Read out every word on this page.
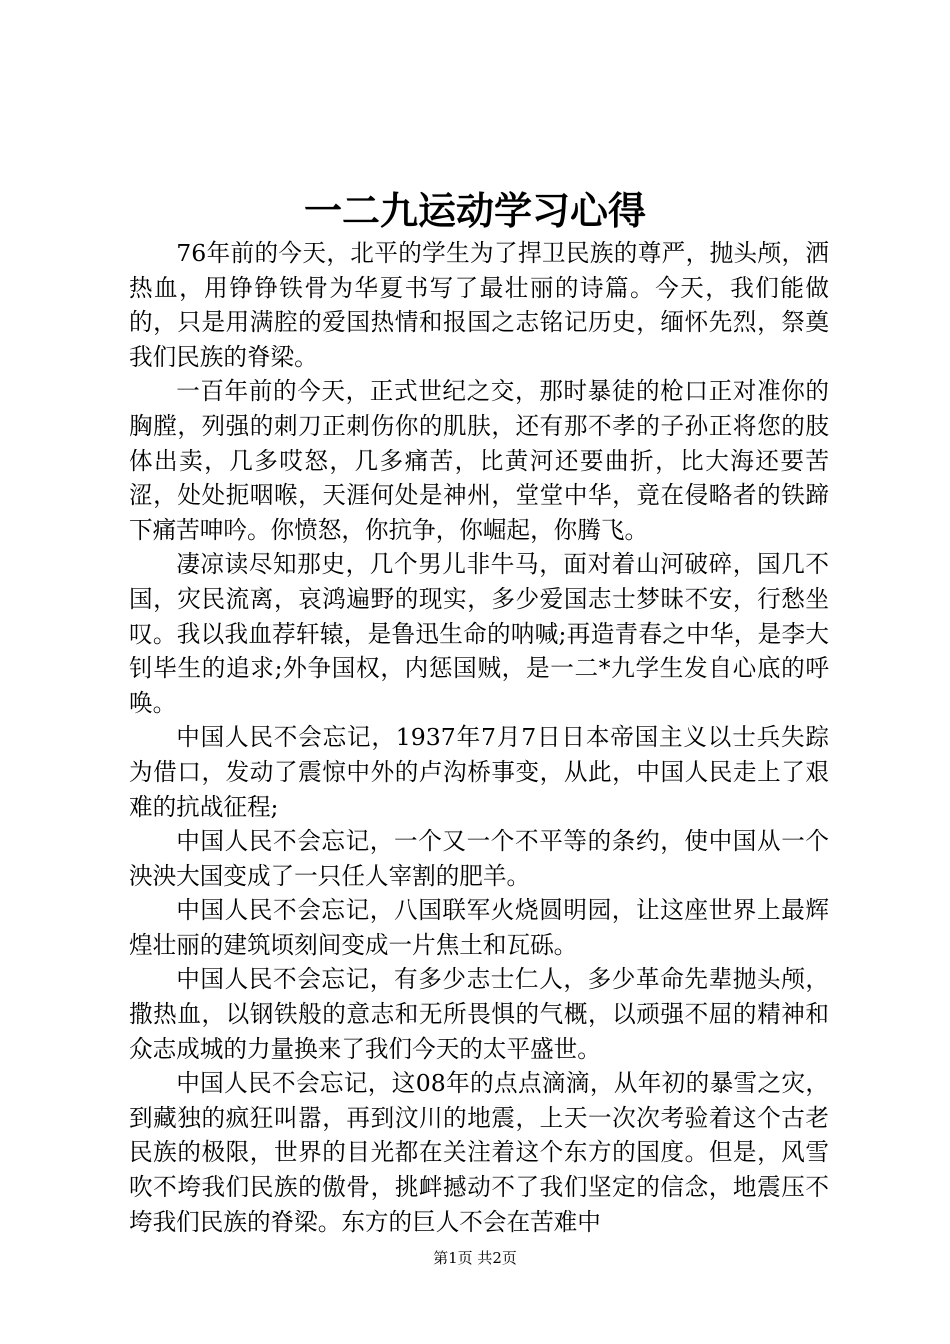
一二九运动学习心得

76年前的今天，北平的学生为了捍卫民族的尊严，抛头颅，洒热血，用铮铮铁骨为华夏书写了最壮丽的诗篇。今天，我们能做的，只是用满腔的爱国热情和报国之志铭记历史，缅怀先烈，祭奠我们民族的脊梁。

一百年前的今天，正式世纪之交，那时暴徒的枪口正对准你的胸膛，列强的刺刀正刺伤你的肌肤，还有那不孝的子孙正将您的肢体出卖，几多哎怒，几多痛苦，比黄河还要曲折，比大海还要苦涩，处处扼咽喉，天涯何处是神州，堂堂中华，竟在侵略者的铁蹄下痛苦呻吟。你愤怒，你抗争，你崛起，你腾飞。

凄凉读尽知那史，几个男儿非牛马，面对着山河破碎，国几不国，灾民流离，哀鸿遍野的现实，多少爱国志士梦昧不安，行愁坐叹。我以我血荐轩辕，是鲁迅生命的呐喊;再造青春之中华，是李大钊毕生的追求;外争国权，内惩国贼，是一二*九学生发自心底的呼唤。

中国人民不会忘记，1937年7月7日日本帝国主义以士兵失踪为借口，发动了震惊中外的卢沟桥事变，从此，中国人民走上了艰难的抗战征程;

中国人民不会忘记，一个又一个不平等的条约，使中国从一个泱泱大国变成了一只任人宰割的肥羊。

中国人民不会忘记，八国联军火烧圆明园，让这座世界上最辉煌壮丽的建筑顷刻间变成一片焦土和瓦砾。

中国人民不会忘记，有多少志士仁人，多少革命先辈抛头颅，撒热血，以钢铁般的意志和无所畏惧的气概，以顽强不屈的精神和众志成城的力量换来了我们今天的太平盛世。

中国人民不会忘记，这08年的点点滴滴，从年初的暴雪之灾，到藏独的疯狂叫嚣，再到汶川的地震，上天一次次考验着这个古老民族的极限，世界的目光都在关注着这个东方的国度。但是，风雪吹不垮我们民族的傲骨，挑衅撼动不了我们坚定的信念，地震压不垮我们民族的脊梁。东方的巨人不会在苦难中

第1页 共2页
